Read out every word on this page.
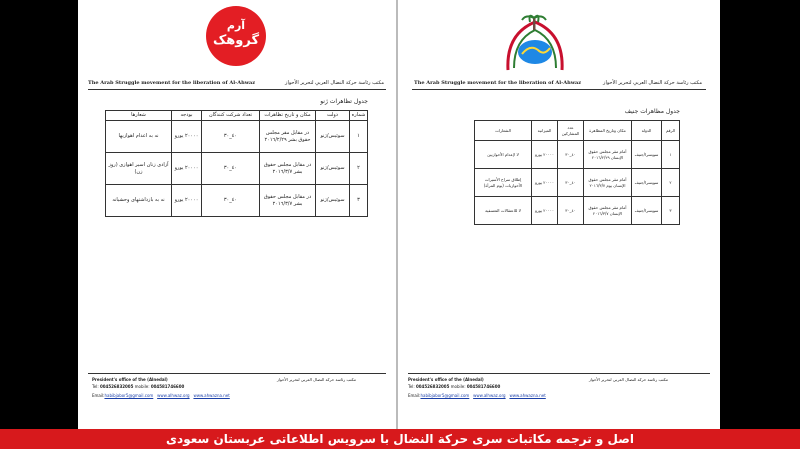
آرم
گروهک
The Arab Struggle movement for the liberation of Al-Ahwaz	مكتب رئاسة حركة النضال العربي لتحرير الأحواز
جدول تظاهرات ژنو
شماره	دولت	مکان و تاریخ تظاهرات	تعداد شرکت کنندگان	بودجه	شعارها
١	سوئیس/ژنو	در مقابل مقر مجلس حقوق بشر ٢٠١٦/٢/٢٩	٤٠_٣٠	٢٠٠٠٠ یورو	نه به اعدام اهوازیها
٢	سوئیس/ژنو	در مقابل مجلس حقوق بشر ٢٠١٦/٣/٧	٤٠_٣٠	٢٠٠٠٠ یورو	آزادی زنان اسیر اهوازی (روز زن)
٣	سوئیس/ژنو	در مقابل مجلس حقوق بشر ٢٠١٦/٣/٧	٤٠_٣٠	٢٠٠٠٠ یورو	نه به بازداشتهای وحشیانه
President's office of the (Alnedal)	مكتب رئاسة حركة النضال العربي لتحرير الأحواز
Tel: 004526832005 mobile: 004581746600
Email:habibjabor5@gmail.com www.alhwaz.org www.ahwazna.net
The Arab Struggle movement for the liberation of Al-Ahwaz	مكتب رئاسة حركة النضال العربي لتحرير الأحواز
جدول مظاهرات جنيف
الرقم	الدولة	مكان وتاريخ المظاهرة	عدد المشاركين	الميزانية	الشعارات
١	سويسرا/جنيف	أمام مقر مجلس حقوق الإنسان ٢٠١٦/٢/٢٩	٤٠_٣٠	٢٠٠٠٠ يورو	لا لإعدام الأحوازيين
٢	سويسرا/جنيف	أمام مقر مجلس حقوق الإنسان يوم ٢٠١٦/٣/٧	٤٠_٣٠	٢٠٠٠٠ يورو	إطلاق سراح الأسيرات الأحوازيات (يوم المرأة)
٣	سويسرا/جنيف	أمام مقر مجلس حقوق الإنسان ٢٠١٦/٣/٧	٤٠_٣٠	٢٠٠٠٠ يورو	لا للاعتقالات التعسفية
President's office of the (Alnedal)	مكتب رئاسة حركة النضال العربي لتحرير الأحواز
Tel: 004526832005 mobile: 004581746600
Email:habibjabor5@gmail.com www.alhwaz.org www.ahwazna.net
اصل و ترجمه مکاتبات سری حرکة النضال با سرویس اطلاعاتی عربستان سعودی
